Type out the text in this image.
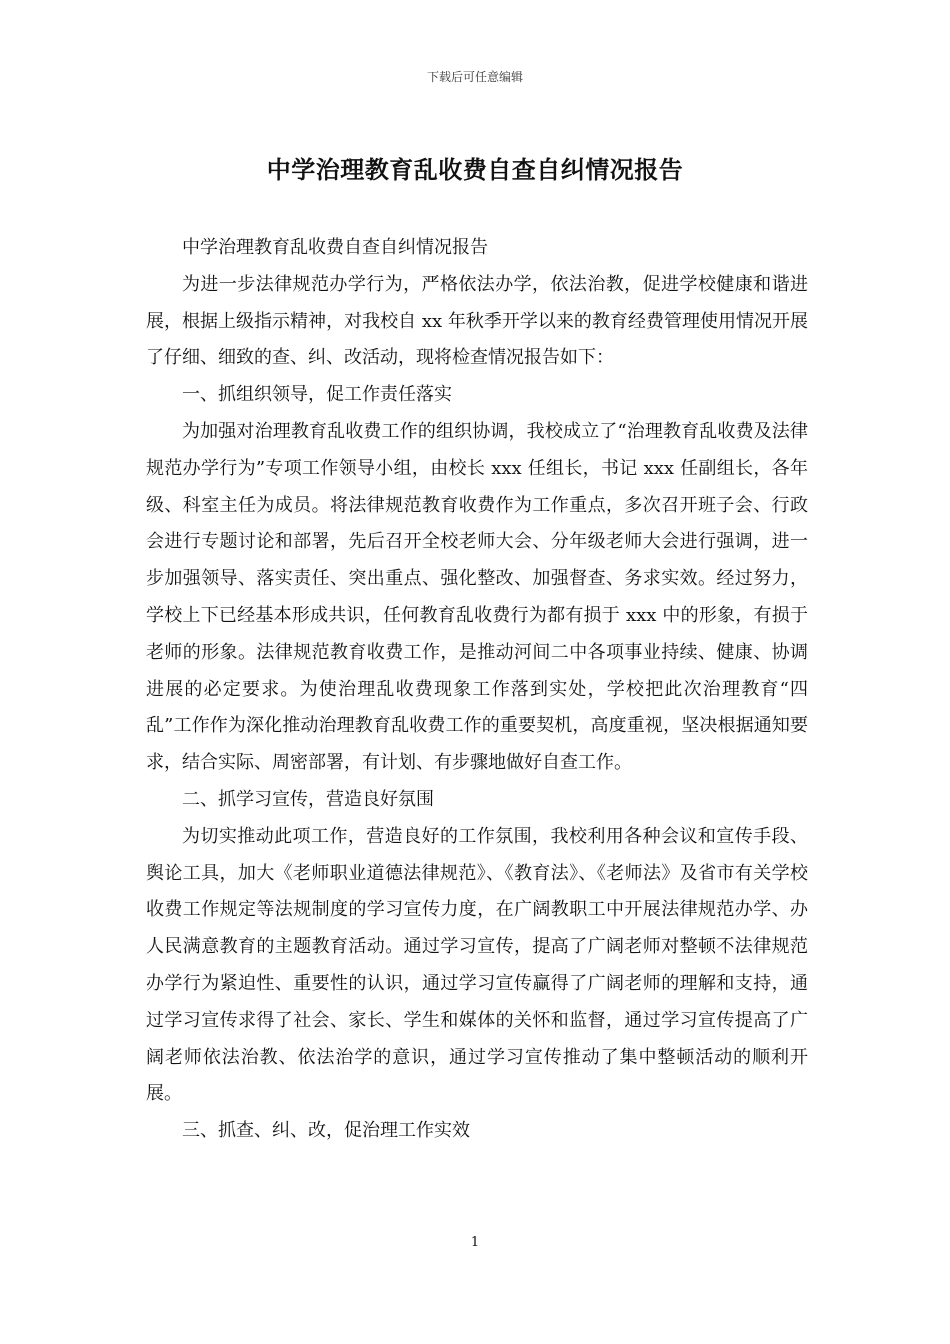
下载后可任意编辑
中学治理教育乱收费自查自纠情况报告

中学治理教育乱收费自查自纠情况报告

为进一步法律规范办学行为，严格依法办学，依法治教，促进学校健康和谐进展，根据上级指示精神，对我校自 xx 年秋季开学以来的教育经费管理使用情况开展了仔细、细致的查、纠、改活动，现将检查情况报告如下：

一、抓组织领导，促工作责任落实

为加强对治理教育乱收费工作的组织协调，我校成立了“治理教育乱收费及法律规范办学行为”专项工作领导小组，由校长 xxx 任组长，书记 xxx 任副组长，各年级、科室主任为成员。将法律规范教育收费作为工作重点，多次召开班子会、行政会进行专题讨论和部署，先后召开全校老师大会、分年级老师大会进行强调，进一步加强领导、落实责任、突出重点、强化整改、加强督查、务求实效。经过努力，学校上下已经基本形成共识，任何教育乱收费行为都有损于 xxx 中的形象，有损于老师的形象。法律规范教育收费工作，是推动河间二中各项事业持续、健康、协调进展的必定要求。为使治理乱收费现象工作落到实处，学校把此次治理教育“四乱”工作作为深化推动治理教育乱收费工作的重要契机，高度重视，坚决根据通知要求，结合实际、周密部署，有计划、有步骤地做好自查工作。

二、抓学习宣传，营造良好氛围

为切实推动此项工作，营造良好的工作氛围，我校利用各种会议和宣传手段、舆论工具，加大《老师职业道德法律规范》、《教育法》、《老师法》及省市有关学校收费工作规定等法规制度的学习宣传力度，在广阔教职工中开展法律规范办学、办人民满意教育的主题教育活动。通过学习宣传，提高了广阔老师对整顿不法律规范办学行为紧迫性、重要性的认识，通过学习宣传赢得了广阔老师的理解和支持，通过学习宣传求得了社会、家长、学生和媒体的关怀和监督，通过学习宣传提高了广阔老师依法治教、依法治学的意识，通过学习宣传推动了集中整顿活动的顺利开展。

三、抓查、纠、改，促治理工作实效

1
